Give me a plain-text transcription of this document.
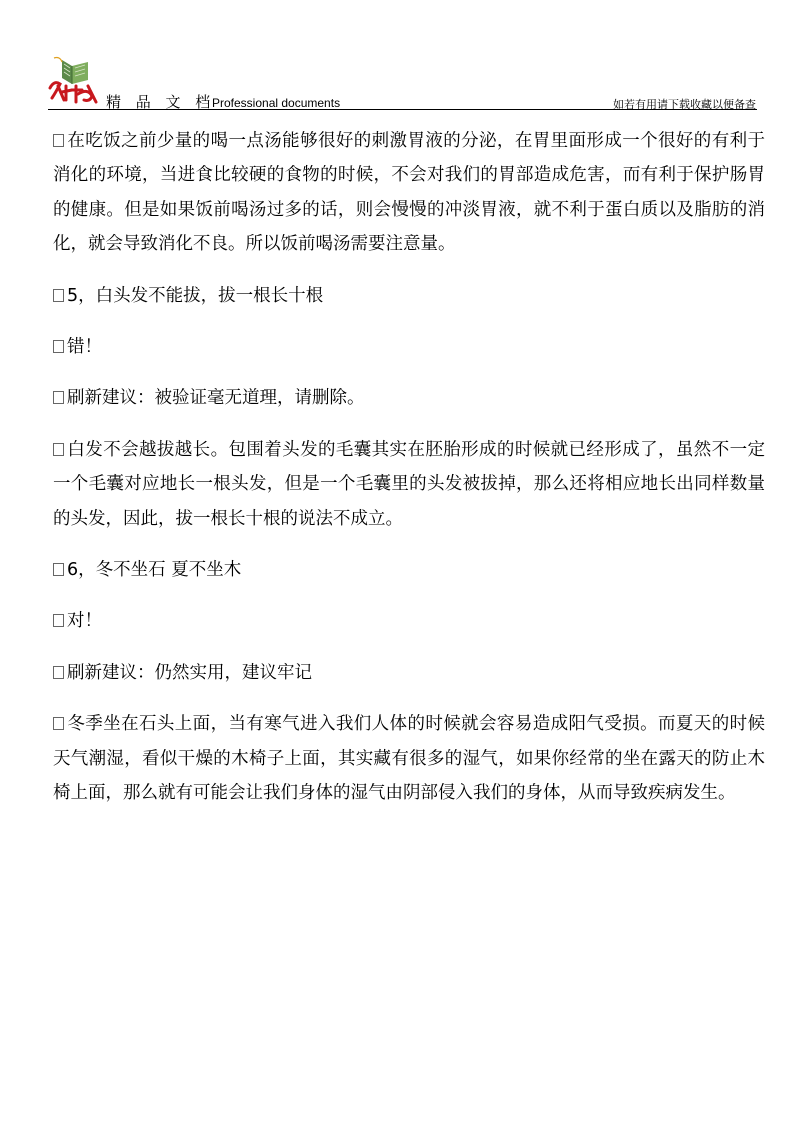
精 品 文 档
Professional documents	如若有用请下载收藏以便备查

在吃饭之前少量的喝一点汤能够很好的刺激胃液的分泌，在胃里面形成一个很好的有利于消化的环境，当进食比较硬的食物的时候，不会对我们的胃部造成危害，而有利于保护肠胃的健康。但是如果饭前喝汤过多的话，则会慢慢的冲淡胃液，就不利于蛋白质以及脂肪的消化，就会导致消化不良。所以饭前喝汤需要注意量。

5，白头发不能拔，拔一根长十根

错！

刷新建议：被验证毫无道理，请删除。

白发不会越拔越长。包围着头发的毛囊其实在胚胎形成的时候就已经形成了，虽然不一定一个毛囊对应地长一根头发，但是一个毛囊里的头发被拔掉，那么还将相应地长出同样数量的头发，因此，拔一根长十根的说法不成立。

6，冬不坐石 夏不坐木

对！

刷新建议：仍然实用，建议牢记

冬季坐在石头上面，当有寒气进入我们人体的时候就会容易造成阳气受损。而夏天的时候天气潮湿，看似干燥的木椅子上面，其实藏有很多的湿气，如果你经常的坐在露天的防止木椅上面，那么就有可能会让我们身体的湿气由阴部侵入我们的身体，从而导致疾病发生。
